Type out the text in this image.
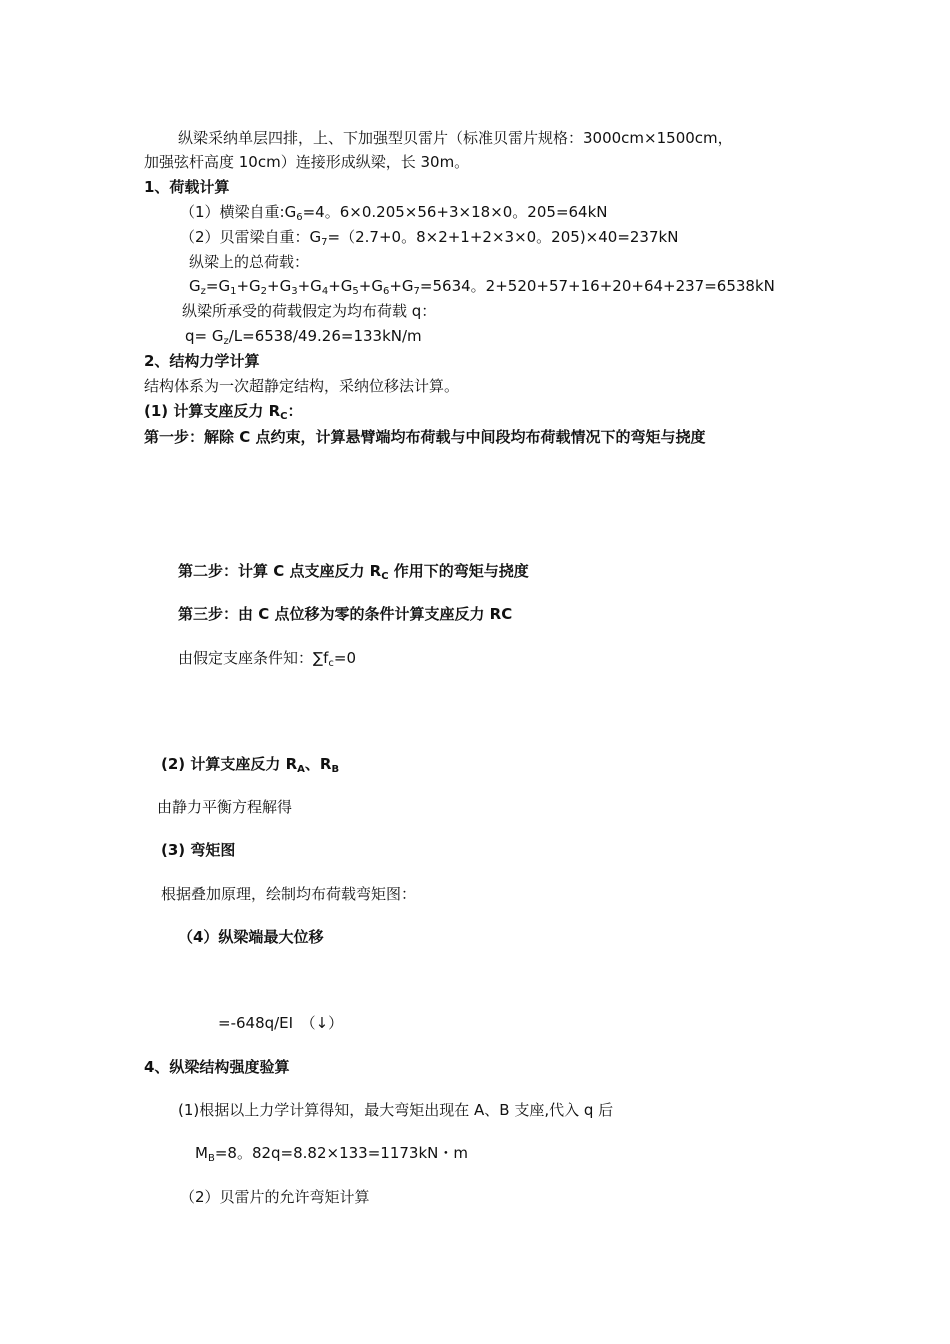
纵梁采纳单层四排，上、下加强型贝雷片（标准贝雷片规格：3000cm×1500cm，
加强弦杆高度 10cm）连接形成纵梁，长 30m。
1、荷载计算
（1）横梁自重$:G_6=4$。6×0.205×56+3×18×0。205=64kN
（2）贝雷梁自重：$G_7=(2.7+0$。8×2+1+2×3×0。205)×40=237kN
纵梁上的总荷载：
$G_z=G_1+G_2+G_3+G_4+G_5+G_6+G_7=5634$。2+520+57+16+20+64+237=6538kN
纵梁所承受的荷载假定为均布荷载 q：
$q= G_z/L=6538/49.26=133kN/m$
2、结构力学计算
结构体系为一次超静定结构，采纳位移法计算。
(1) 计算支座反力 $R_C$：
第一步：解除 C 点约束，计算悬臂端均布荷载与中间段均布荷载情况下的弯矩与挠度
第二步：计算 C 点支座反力 $R_C$ 作用下的弯矩与挠度
第三步：由 C 点位移为零的条件计算支座反力 RC
由假定支座条件知：$\sum f_c=0$
(2) 计算支座反力 $R_A$、$R_B$
由静力平衡方程解得
(3) 弯矩图
根据叠加原理，绘制均布荷载弯矩图：
（4）纵梁端最大位移
=-648q/EI　（↓）
4、纵梁结构强度验算
(1)根据以上力学计算得知，最大弯矩出现在 A、B 支座,代入 q 后
$M_B=8$。82q=8.82×133=1173kN・m
（2）贝雷片的允许弯矩计算
